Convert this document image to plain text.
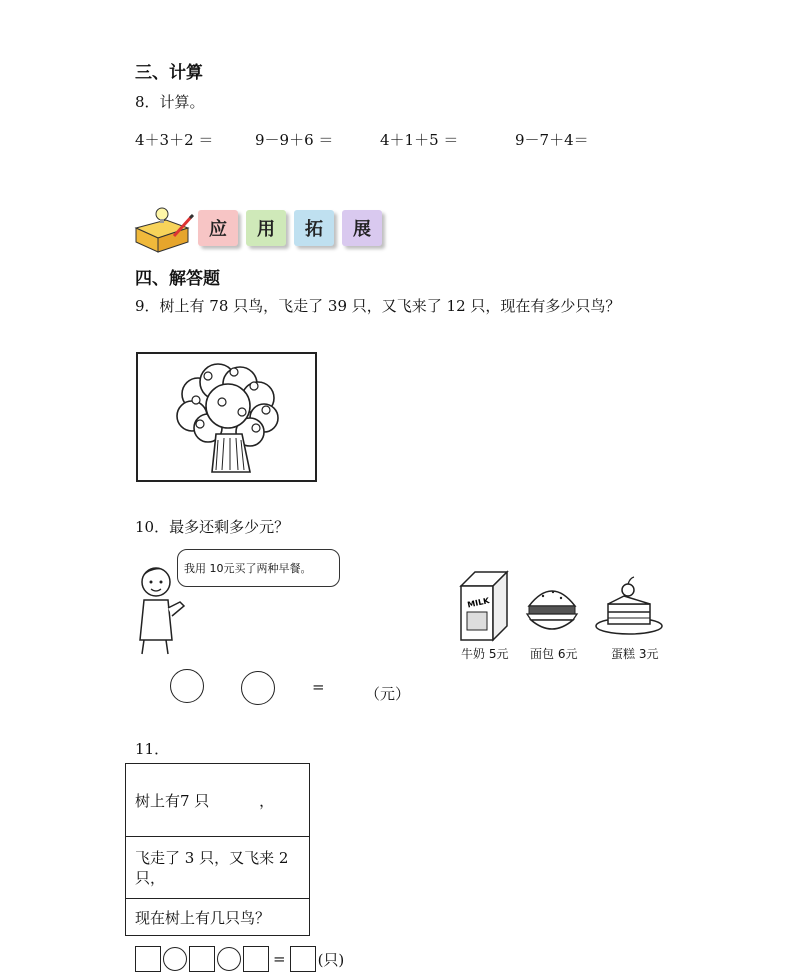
三、计算
8．计算。
4＋3＋2 ＝	9－9＋6 ＝	4＋1＋5 ＝	9－7＋4＝
应	用	拓	展
四、解答题
9．树上有 78 只鸟，飞走了 39 只，又飞来了 12 只，现在有多少只鸟？
10．最多还剩多少元？
我用 10元买了两种早餐。
MILK
牛奶 5元 面包 6元	蛋糕 3元
=	（元）
11．
树上有7 只 　　　，
飞走了 3 只，又飞来 2 只，
现在树上有几只鸟？
= (只)
